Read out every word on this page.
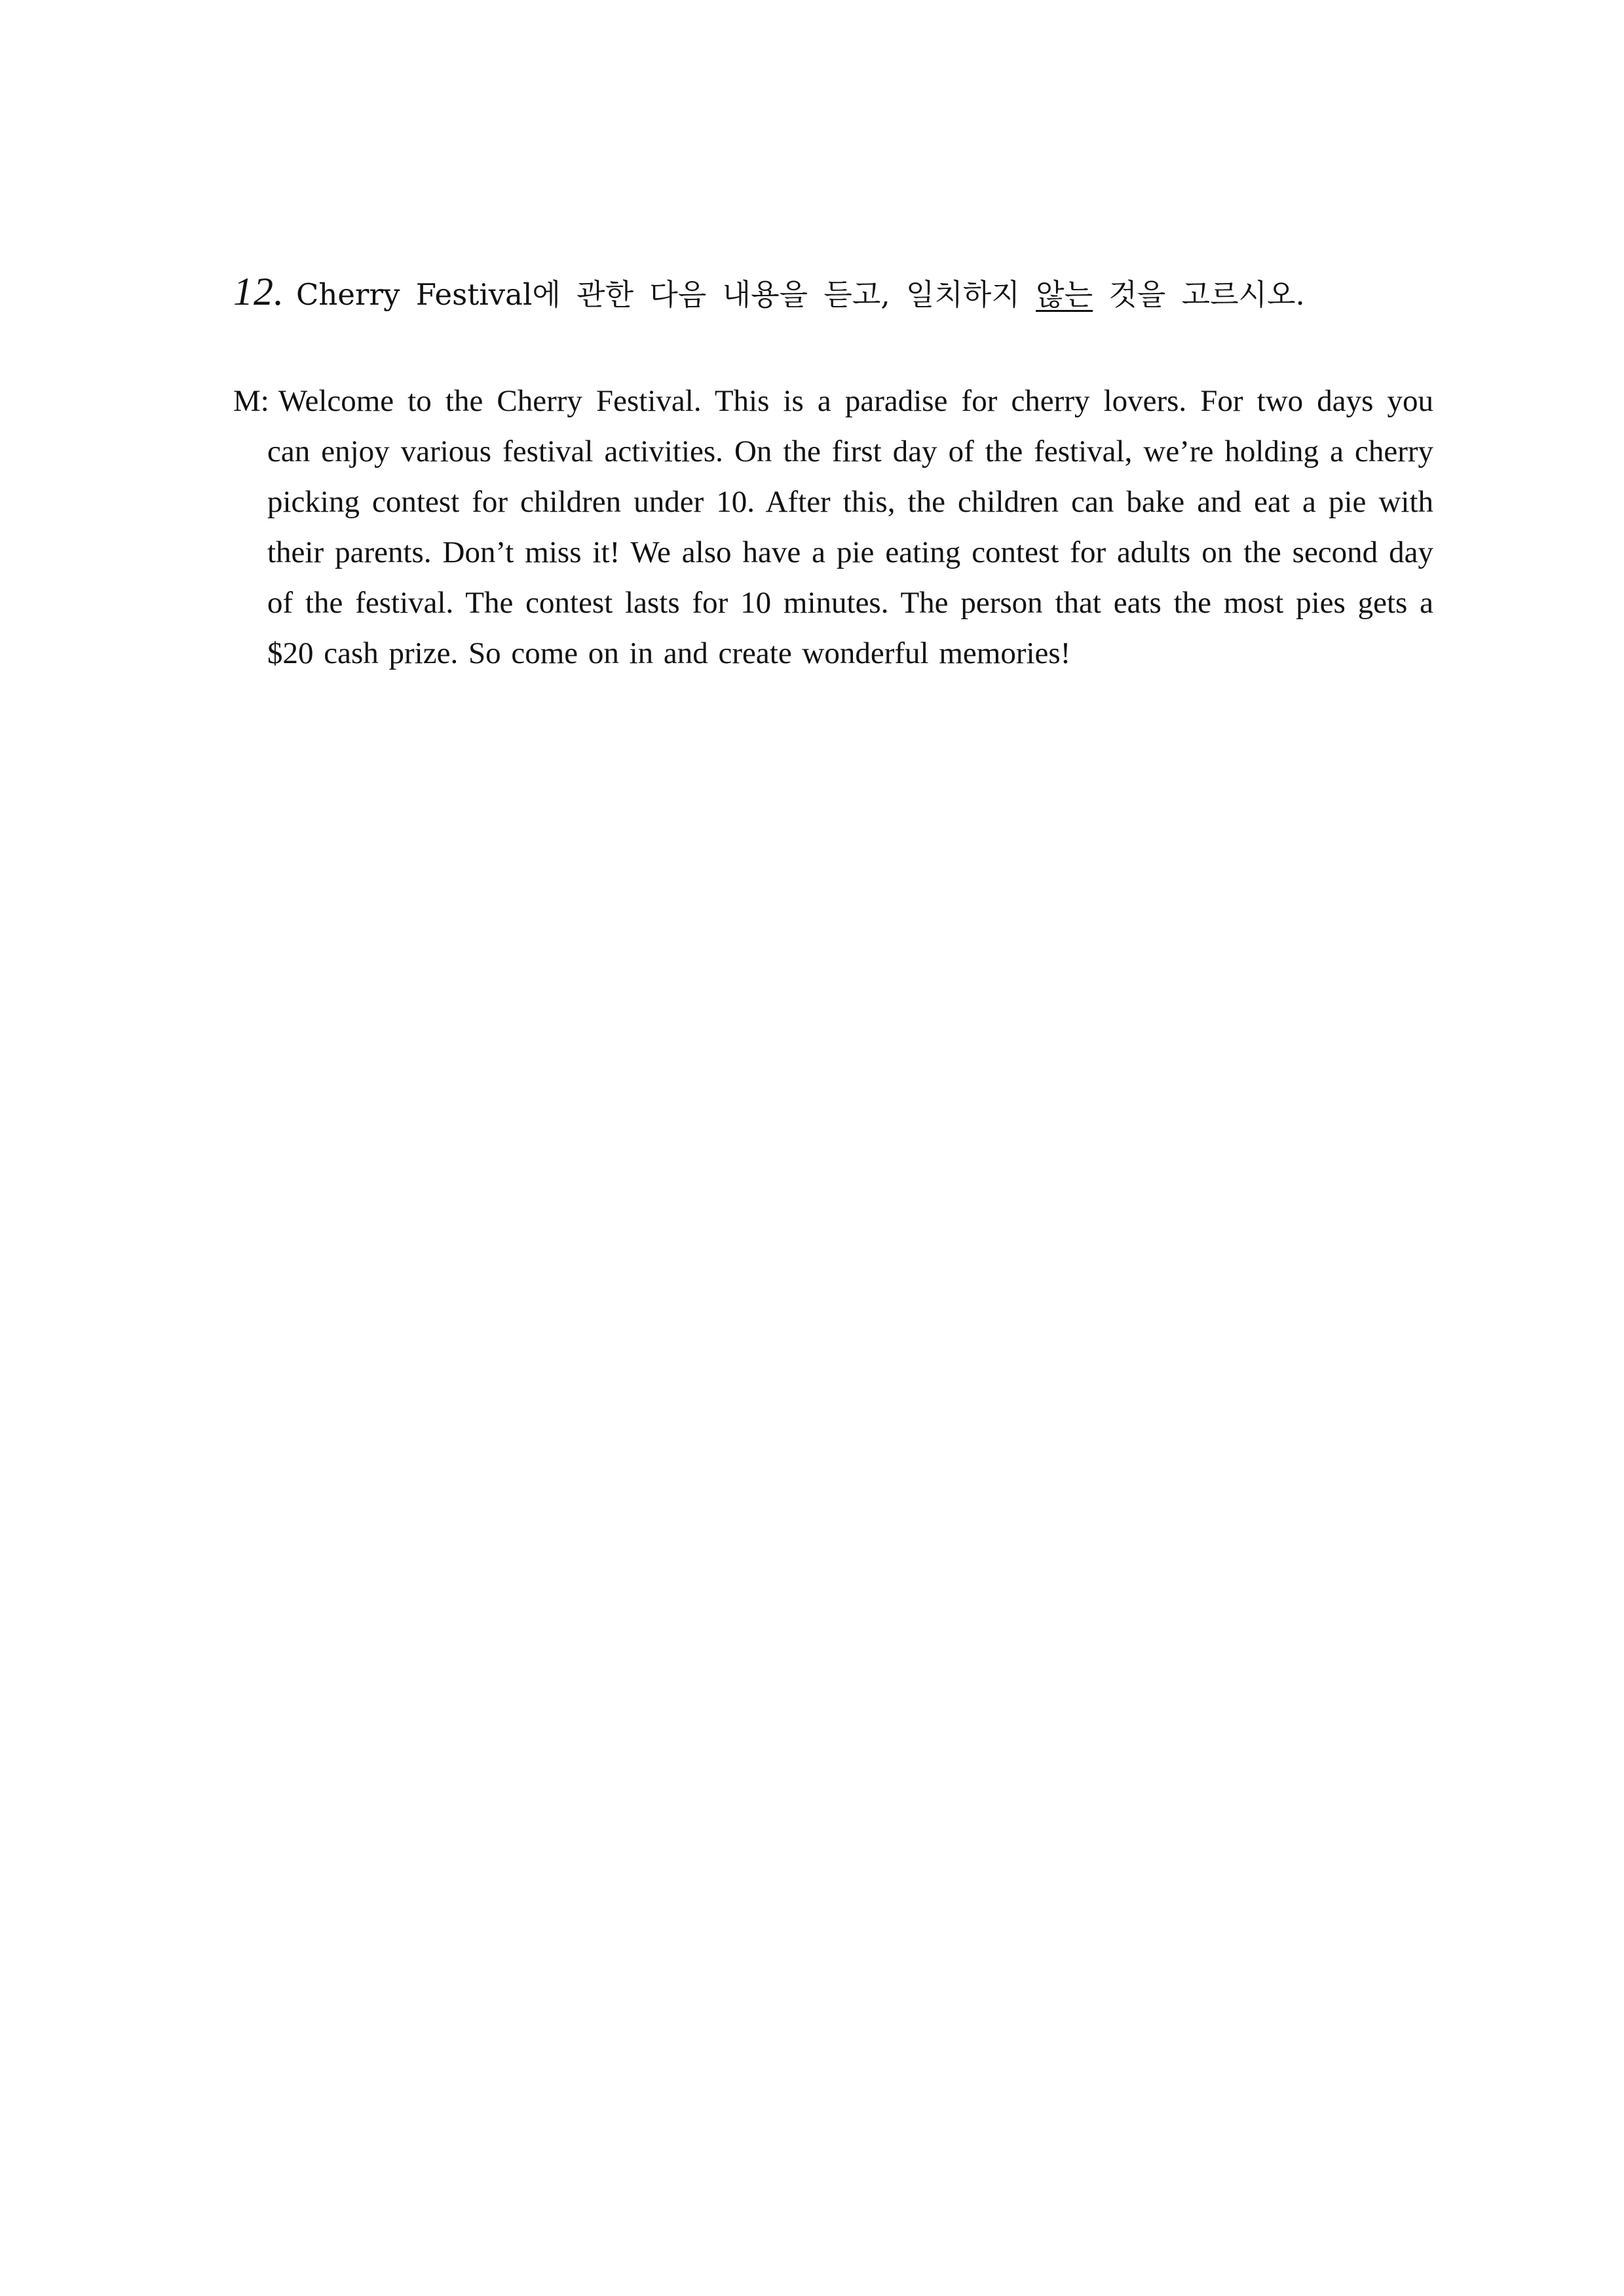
12. Cherry Festival에 관한 다음 내용을 듣고, 일치하지 않는 것을 고르시오.
M: Welcome to the Cherry Festival. This is a paradise for cherry lovers. For two days you can enjoy various festival activities. On the first day of the festival, we’re holding a cherry picking contest for children under 10. After this, the children can bake and eat a pie with their parents. Don’t miss it! We also have a pie eating contest for adults on the second day of the festival. The contest lasts for 10 minutes. The person that eats the most pies gets a $20 cash prize. So come on in and create wonderful memories!
